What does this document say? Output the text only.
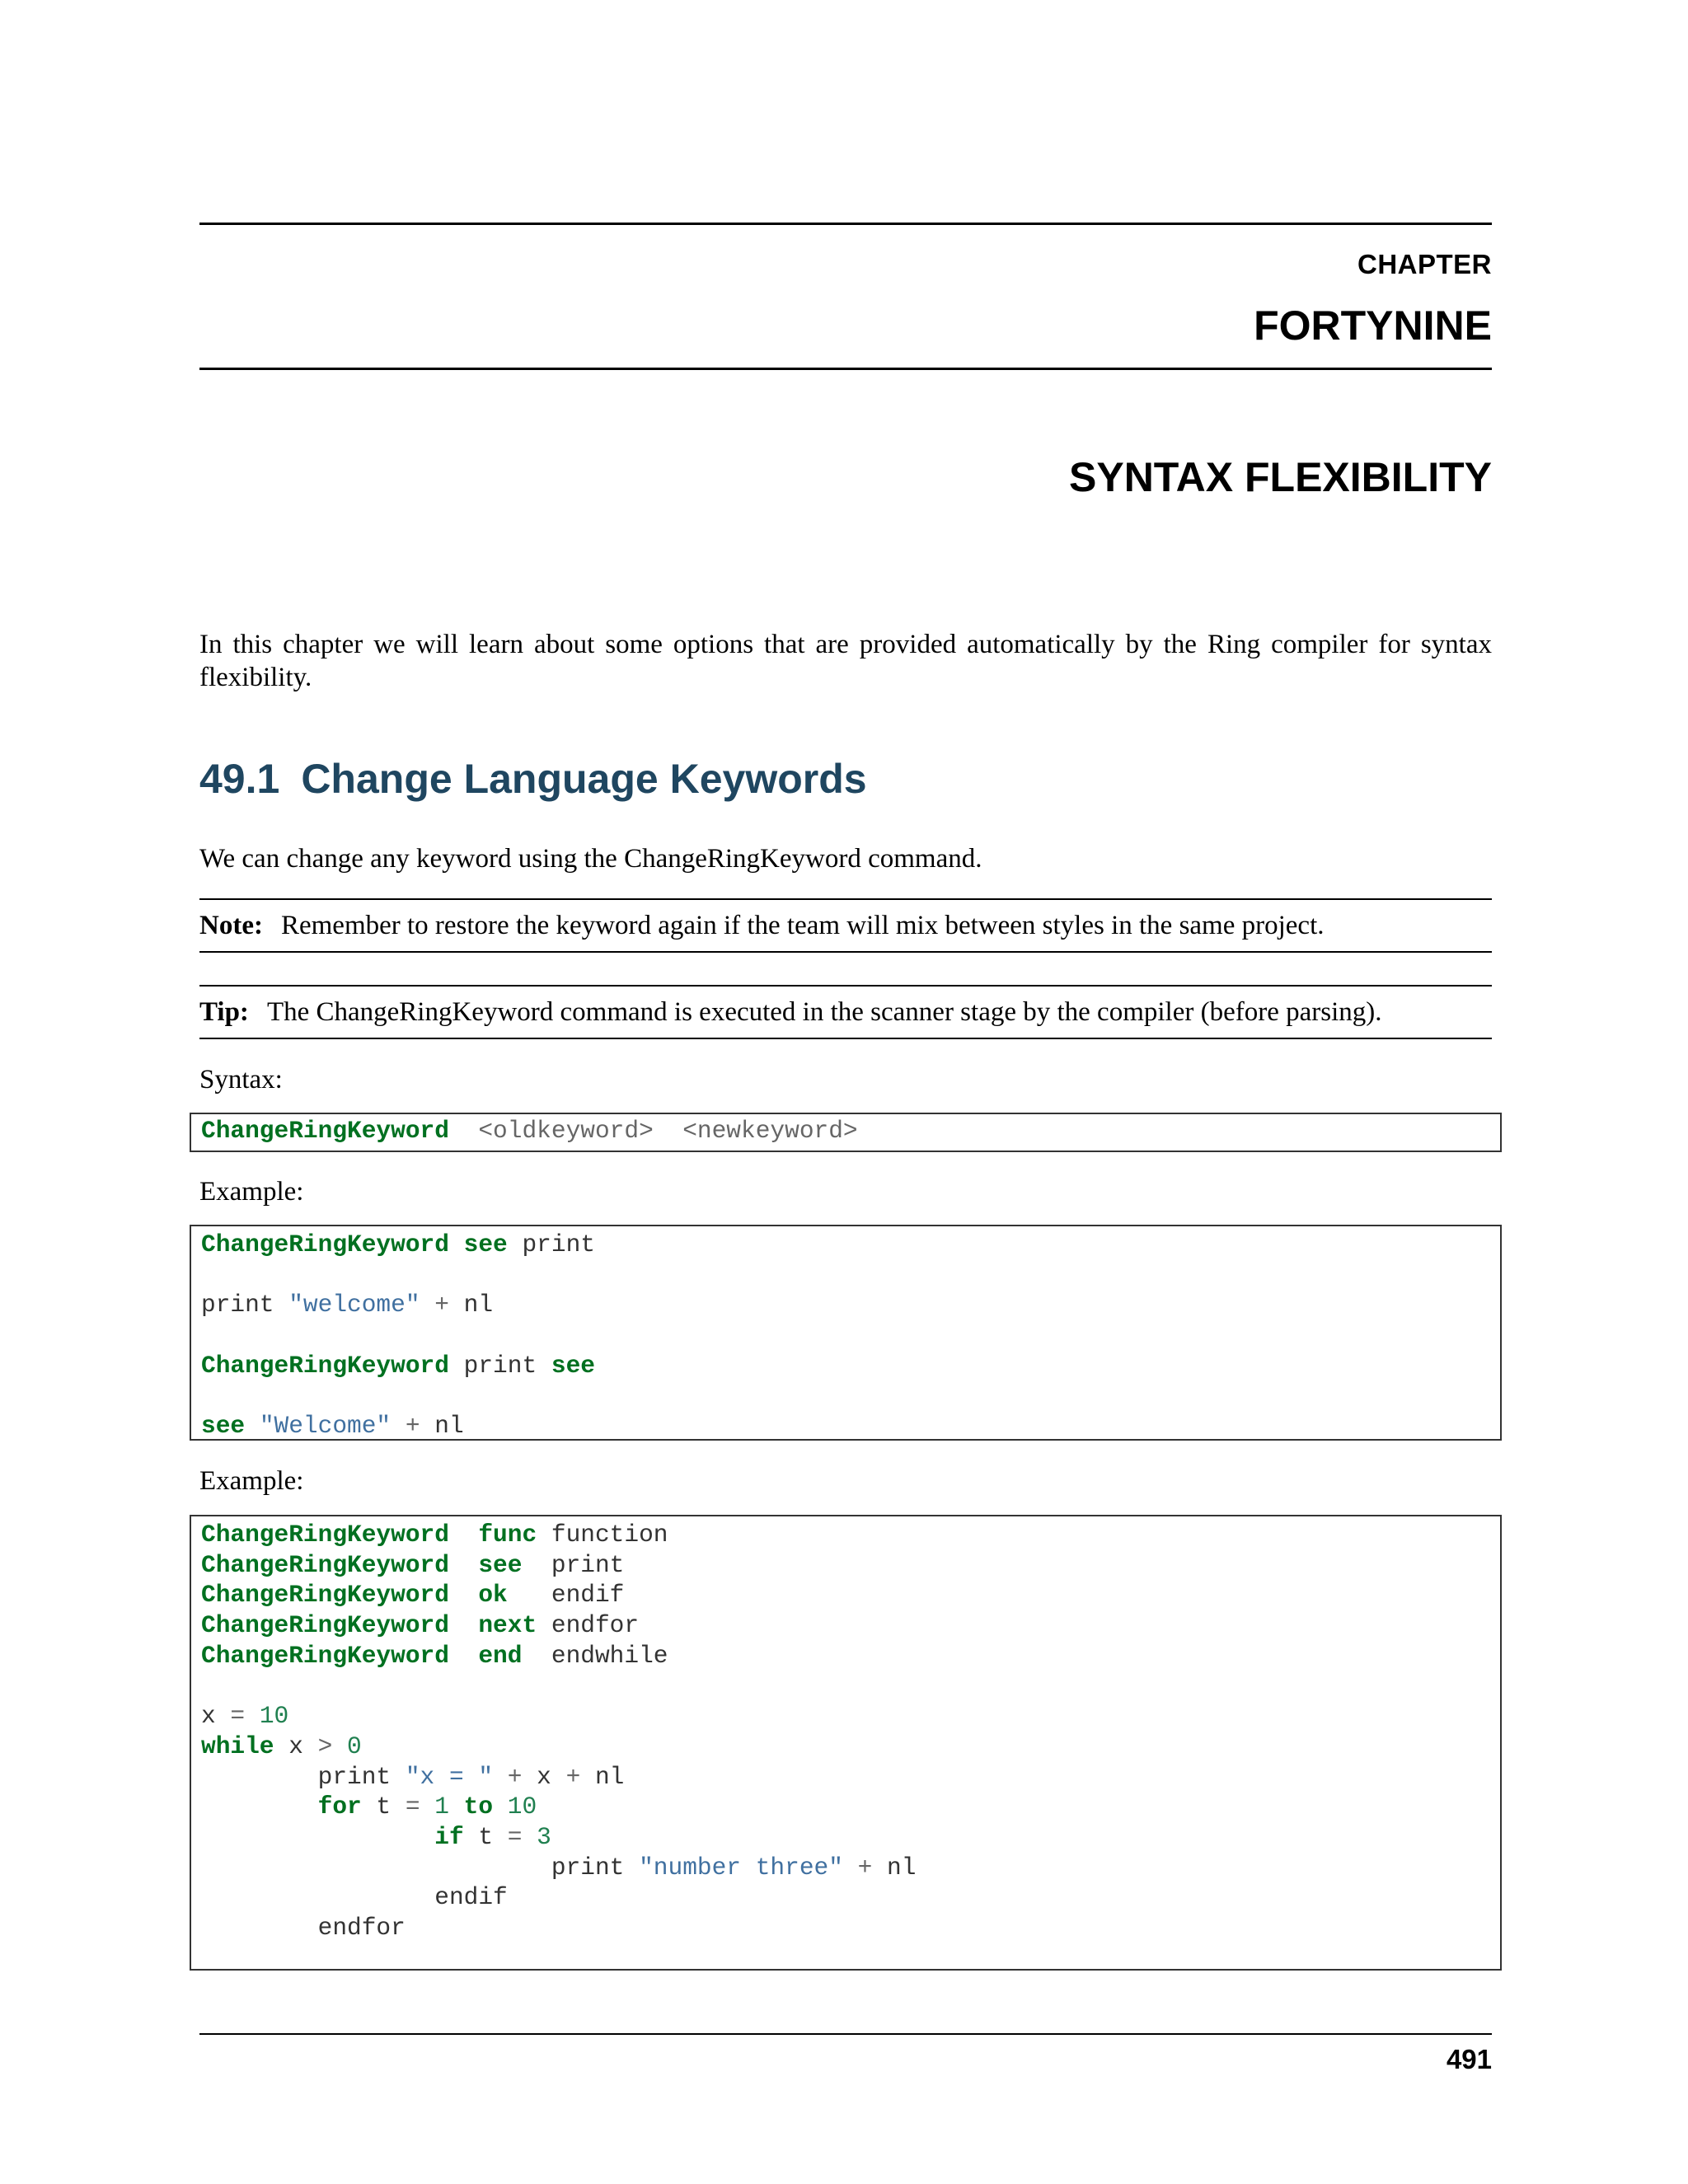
CHAPTER
FORTYNINE
SYNTAX FLEXIBILITY
In this chapter we will learn about some options that are provided automatically by the Ring compiler for syntax flexibility.
49.1 Change Language Keywords
We can change any keyword using the ChangeRingKeyword command.
Note: Remember to restore the keyword again if the team will mix between styles in the same project.
Tip: The ChangeRingKeyword command is executed in the scanner stage by the compiler (before parsing).
Syntax:
ChangeRingKeyword <oldkeyword> <newkeyword>
Example:
ChangeRingKeyword see print
print "welcome" + nl
ChangeRingKeyword print see
see "Welcome" + nl
Example:
ChangeRingKeyword func function
ChangeRingKeyword see  print
ChangeRingKeyword ok   endif
ChangeRingKeyword next endfor
ChangeRingKeyword end  endwhile
x = 10
while x > 0
print "x = " + x + nl
for t = 1 to 10
if t = 3
print "number three" + nl
endif
endfor
491
